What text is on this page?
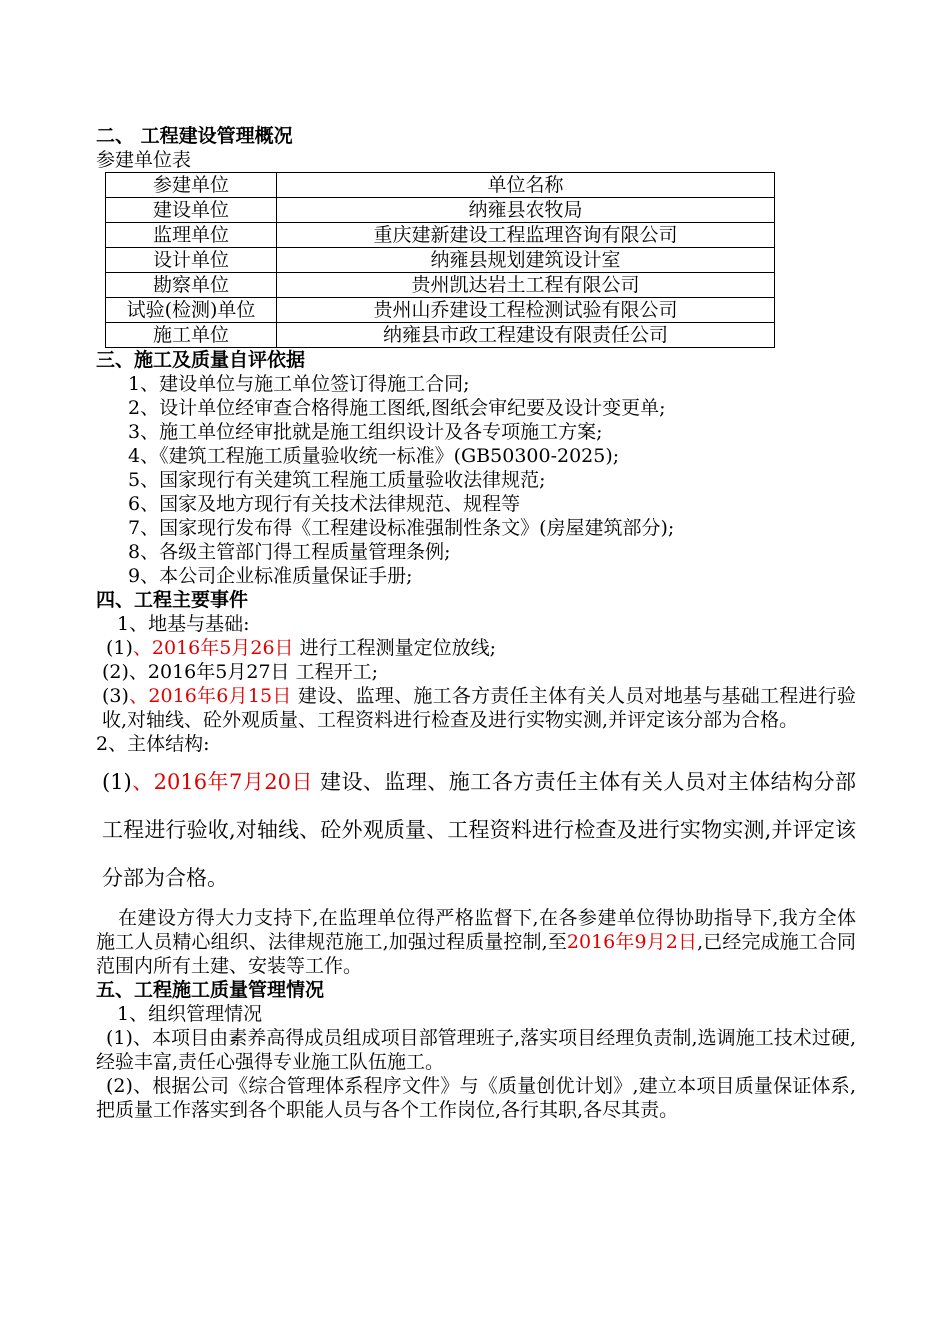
二、 工程建设管理概况

参建单位表

参建单位	单位名称
建设单位	纳雍县农牧局
监理单位	重庆建新建设工程监理咨询有限公司
设计单位	纳雍县规划建筑设计室
勘察单位	贵州凯达岩土工程有限公司
试验(检测)单位	贵州山乔建设工程检测试验有限公司
施工单位	纳雍县市政工程建设有限责任公司

三、施工及质量自评依据

1、建设单位与施工单位签订得施工合同;

2、设计单位经审查合格得施工图纸,图纸会审纪要及设计变更单;

3、施工单位经审批就是施工组织设计及各专项施工方案;

4、《建筑工程施工质量验收统一标准》(GB50300-2025);

5、国家现行有关建筑工程施工质量验收法律规范;

6、国家及地方现行有关技术法律规范、规程等

7、国家现行发布得《工程建设标准强制性条文》(房屋建筑部分);

8、各级主管部门得工程质量管理条例;

9、本公司企业标准质量保证手册;

四、工程主要事件

1、地基与基础:

(1)、2016年5月26日 进行工程测量定位放线;

(2)、2016年5月27日 工程开工;

(3)、2016年6月15日 建设、监理、施工各方责任主体有关人员对地基与基础工程进行验收,对轴线、砼外观质量、工程资料进行检查及进行实物实测,并评定该分部为合格。

2、主体结构:

(1)、2016年7月20日 建设、监理、施工各方责任主体有关人员对主体结构分部工程进行验收,对轴线、砼外观质量、工程资料进行检查及进行实物实测,并评定该分部为合格。

在建设方得大力支持下,在监理单位得严格监督下,在各参建单位得协助指导下,我方全体施工人员精心组织、法律规范施工,加强过程质量控制,至2016年9月2日,已经完成施工合同范围内所有土建、安装等工作。

五、工程施工质量管理情况

1、组织管理情况

(1)、本项目由素养高得成员组成项目部管理班子,落实项目经理负责制,选调施工技术过硬,经验丰富,责任心强得专业施工队伍施工。

(2)、根据公司《综合管理体系程序文件》与《质量创优计划》,建立本项目质量保证体系,把质量工作落实到各个职能人员与各个工作岗位,各行其职,各尽其责。
